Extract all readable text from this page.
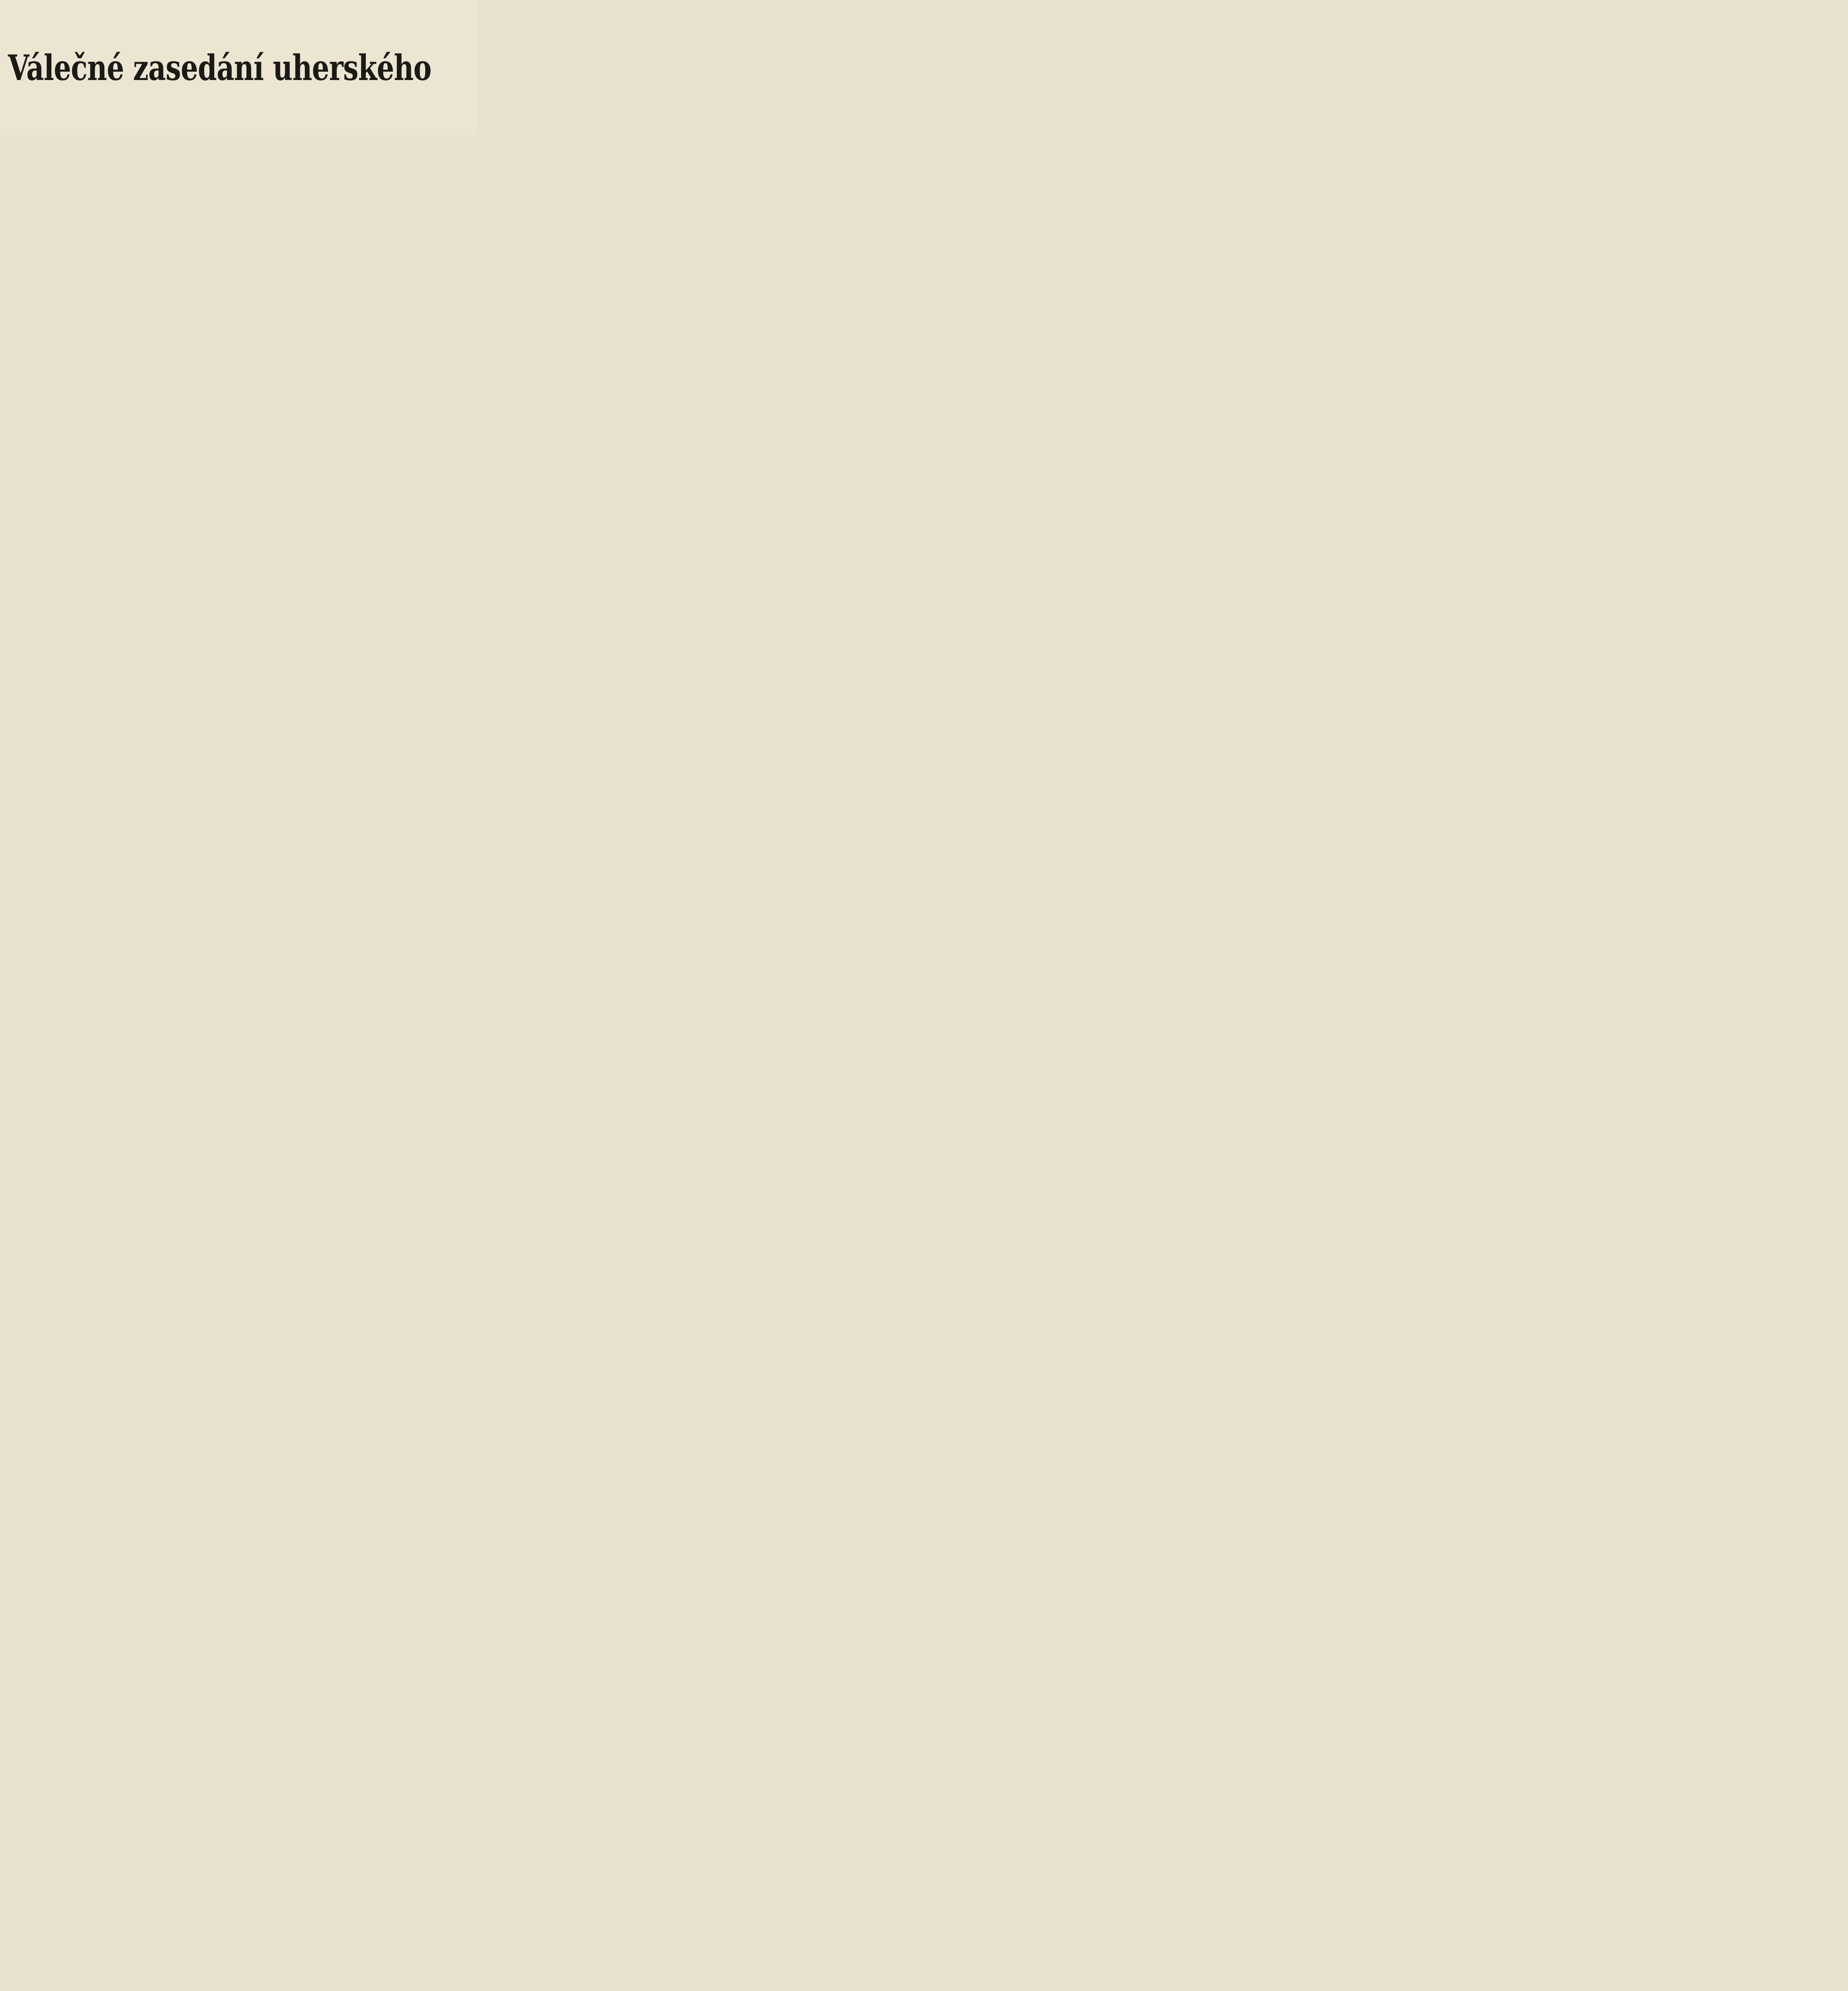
Válečné zasedání uherského
